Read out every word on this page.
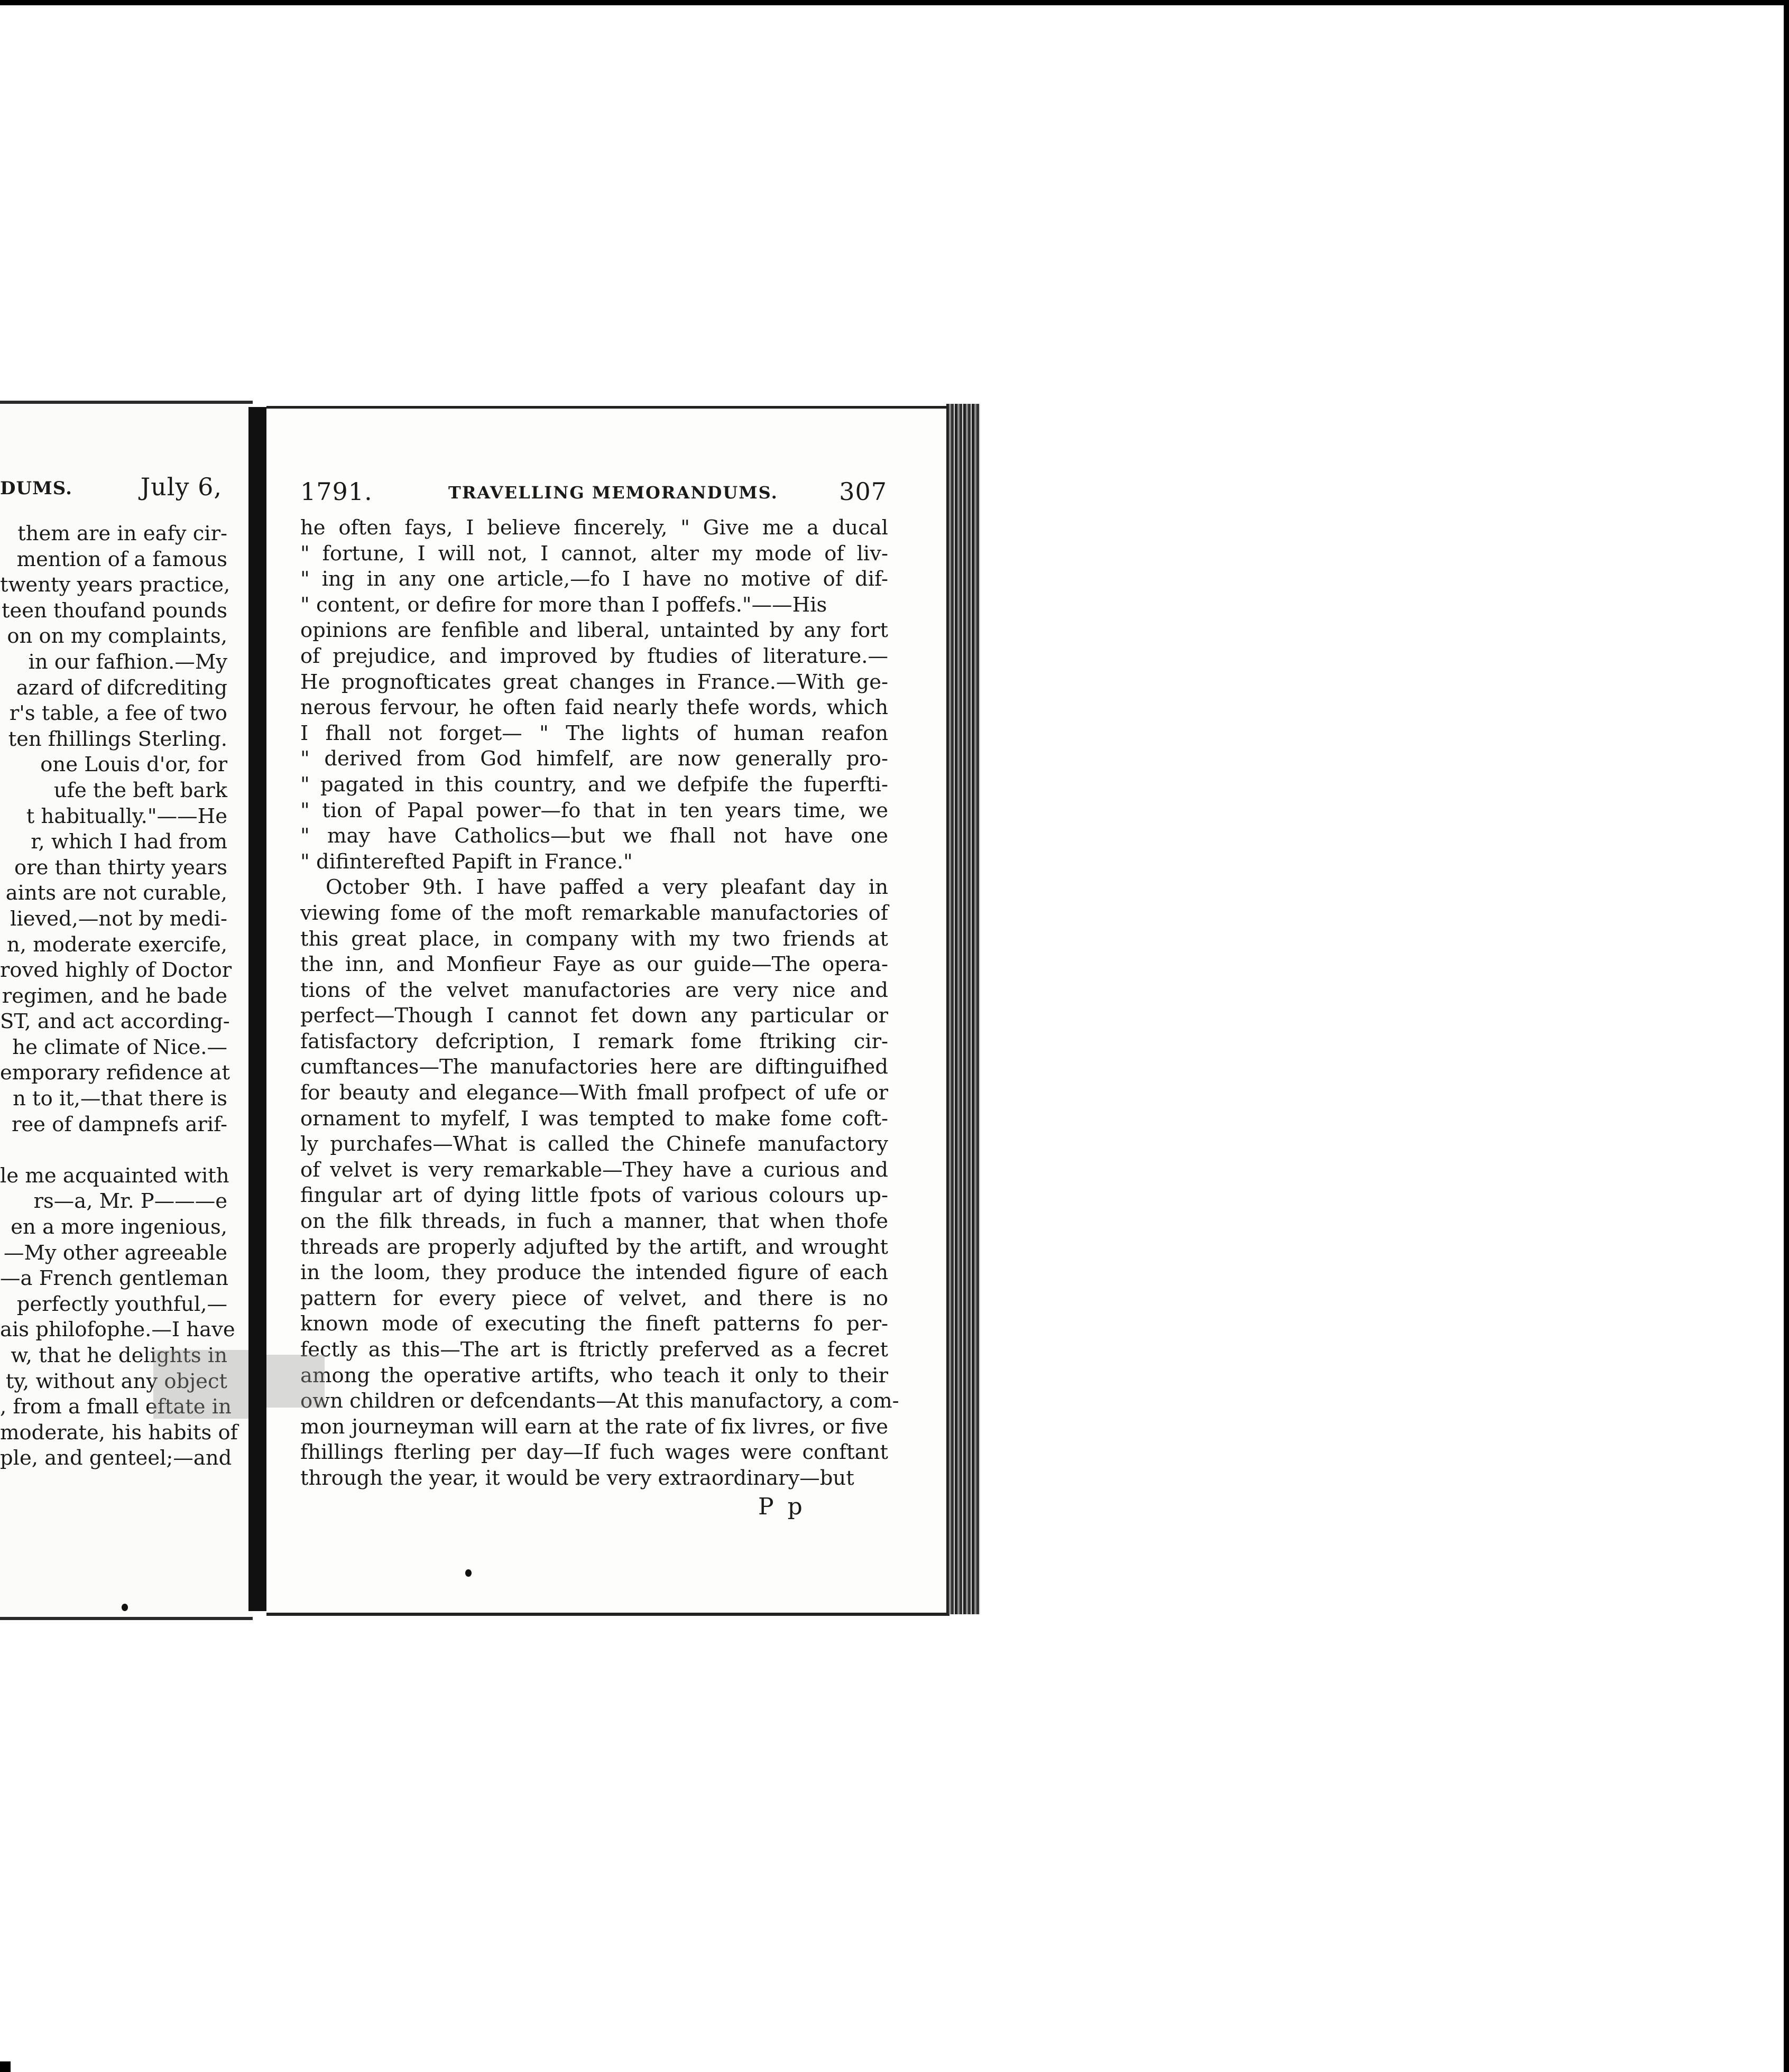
DUMS.	July 6,
them are in eafy cir-
mention of a famous
twenty years practice,
teen thoufand pounds
on on my complaints,
in our fafhion.—My
azard of difcrediting
r's table, a fee of two
ten fhillings Sterling.
one Louis d'or, for
ufe the beft bark
t habitually."——He
r, which I had from
ore than thirty years
aints are not curable,
lieved,—not by medi-
n, moderate exercife,
roved highly of Doctor
regimen, and he bade
ST, and act according-
he climate of Nice.—
emporary refidence at
n to it,—that there is
ree of dampnefs arif-

le me acquainted with
rs—a, Mr. P———e
en a more ingenious,
—My other agreeable
—a French gentleman
perfectly youthful,—
ais philofophe.—I have
w, that he delights in
ty, without any object
, from a fmall eftate in
moderate, his habits of
ple, and genteel;—and
1791.	TRAVELLING MEMORANDUMS.	307
he often fays, I believe fincerely, " Give me a ducal
" fortune, I will not, I cannot, alter my mode of liv-
" ing in any one article,—fo I have no motive of dif-
" content, or defire for more than I poffefs."——His
opinions are fenfible and liberal, untainted by any fort
of prejudice, and improved by ftudies of literature.—
He prognofticates great changes in France.—With ge-
nerous fervour, he often faid nearly thefe words, which
I fhall not forget— " The lights of human reafon
" derived from God himfelf, are now generally pro-
" pagated in this country, and we defpife the fuperfti-
" tion of Papal power—fo that in ten years time, we
" may have Catholics—but we fhall not have one
" difinterefted Papift in France."
October 9th. I have paffed a very pleafant day in
viewing fome of the moft remarkable manufactories of
this great place, in company with my two friends at
the inn, and Monfieur Faye as our guide—The opera-
tions of the velvet manufactories are very nice and
perfect—Though I cannot fet down any particular or
fatisfactory defcription, I remark fome ftriking cir-
cumftances—The manufactories here are diftinguifhed
for beauty and elegance—With fmall profpect of ufe or
ornament to myfelf, I was tempted to make fome coft-
ly purchafes—What is called the Chinefe manufactory
of velvet is very remarkable—They have a curious and
fingular art of dying little fpots of various colours up-
on the filk threads, in fuch a manner, that when thofe
threads are properly adjufted by the artift, and wrought
in the loom, they produce the intended figure of each
pattern for every piece of velvet, and there is no
known mode of executing the fineft patterns fo per-
fectly as this—The art is ftrictly preferved as a fecret
among the operative artifts, who teach it only to their
own children or defcendants—At this manufactory, a com-
mon journeyman will earn at the rate of fix livres, or five
fhillings fterling per day—If fuch wages were conftant
through the year, it would be very extraordinary—but
P p
